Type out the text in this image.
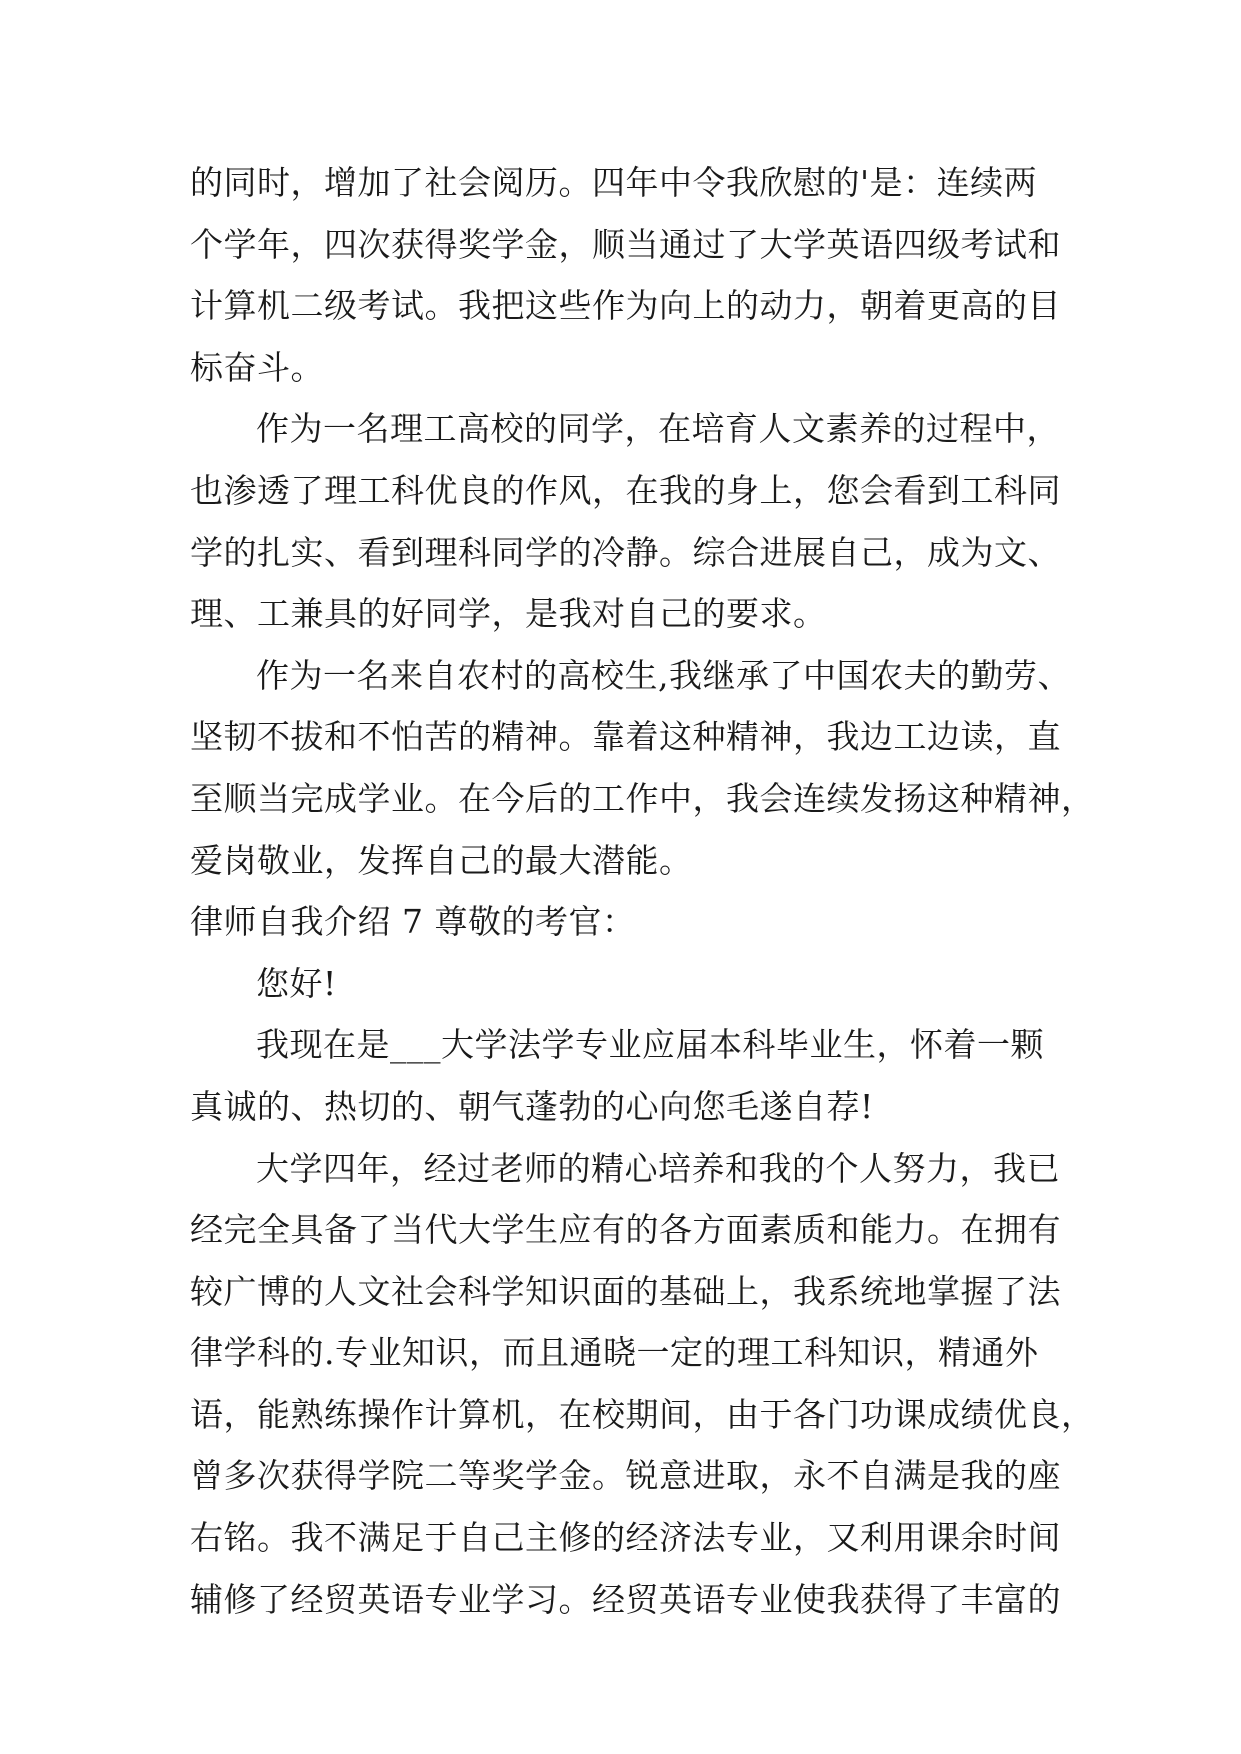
的同时，增加了社会阅历。四年中令我欣慰的'是：连续两
个学年，四次获得奖学金，顺当通过了大学英语四级考试和
计算机二级考试。我把这些作为向上的动力，朝着更高的目
标奋斗。
作为一名理工高校的同学，在培育人文素养的过程中，
也渗透了理工科优良的作风，在我的身上，您会看到工科同
学的扎实、看到理科同学的冷静。综合进展自己，成为文、
理、工兼具的好同学，是我对自己的要求。
作为一名来自农村的高校生,我继承了中国农夫的勤劳、
坚韧不拔和不怕苦的精神。靠着这种精神，我边工边读，直
至顺当完成学业。在今后的工作中，我会连续发扬这种精神，
爱岗敬业，发挥自己的最大潜能。
律师自我介绍 7 尊敬的考官：
您好!
我现在是___大学法学专业应届本科毕业生，怀着一颗
真诚的、热切的、朝气蓬勃的心向您毛遂自荐!
大学四年，经过老师的精心培养和我的个人努力，我已
经完全具备了当代大学生应有的各方面素质和能力。在拥有
较广博的人文社会科学知识面的基础上，我系统地掌握了法
律学科的.专业知识，而且通晓一定的理工科知识，精通外
语，能熟练操作计算机，在校期间，由于各门功课成绩优良，
曾多次获得学院二等奖学金。锐意进取，永不自满是我的座
右铭。我不满足于自己主修的经济法专业，又利用课余时间
辅修了经贸英语专业学习。经贸英语专业使我获得了丰富的
